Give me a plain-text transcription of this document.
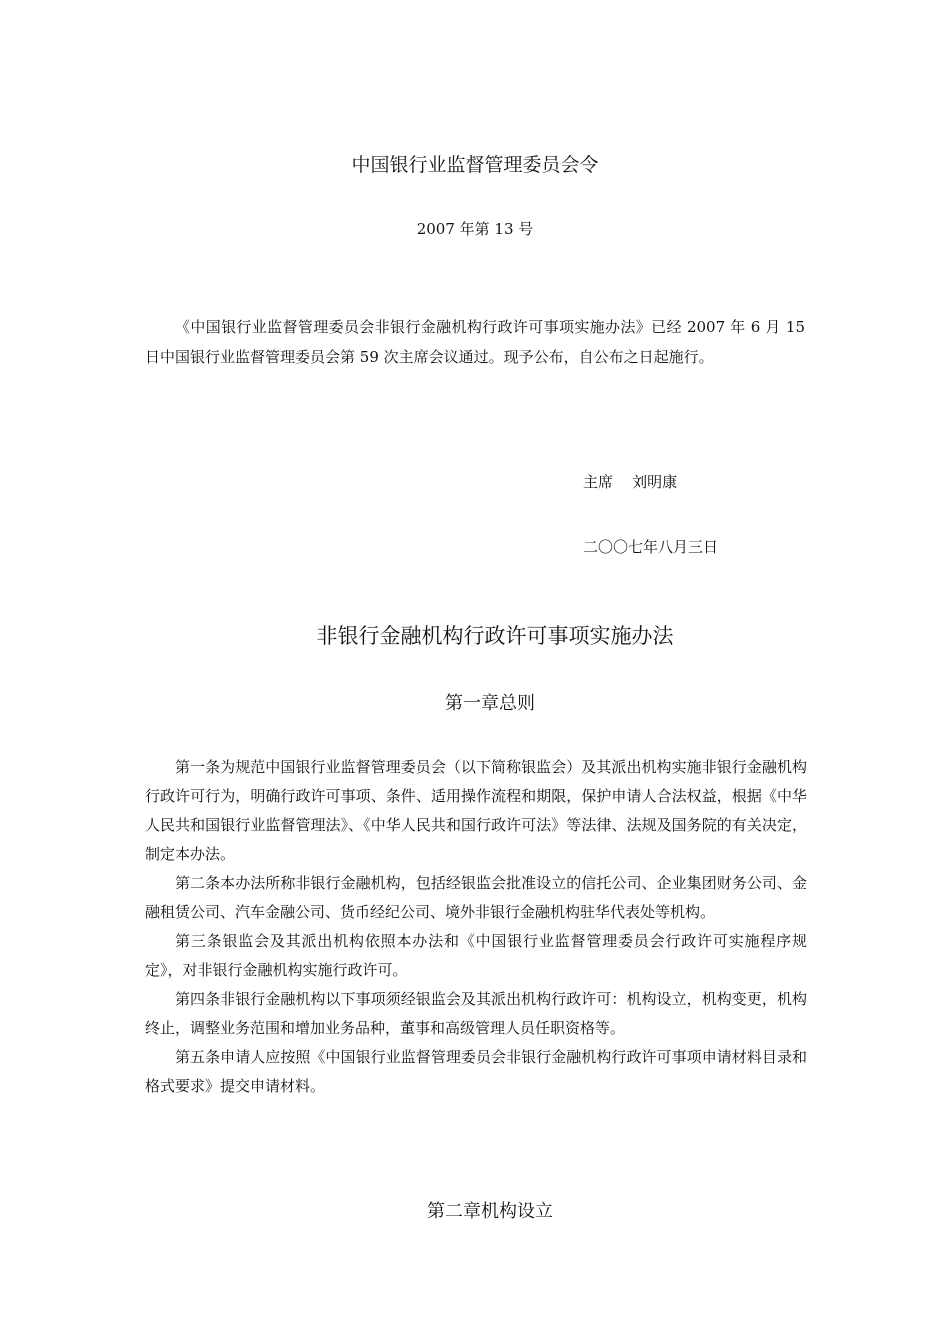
中国银行业监督管理委员会令
2007 年第 13 号

《中国银行业监督管理委员会非银行金融机构行政许可事项实施办法》已经 2007 年 6 月 15 日中国银行业监督管理委员会第 59 次主席会议通过。现予公布，自公布之日起施行。

主席    刘明康
二〇〇七年八月三日
非银行金融机构行政许可事项实施办法
第一章总则

第一条为规范中国银行业监督管理委员会（以下简称银监会）及其派出机构实施非银行金融机构行政许可行为，明确行政许可事项、条件、适用操作流程和期限，保护申请人合法权益，根据《中华人民共和国银行业监督管理法》、《中华人民共和国行政许可法》等法律、法规及国务院的有关决定，制定本办法。

第二条本办法所称非银行金融机构，包括经银监会批准设立的信托公司、企业集团财务公司、金融租赁公司、汽车金融公司、货币经纪公司、境外非银行金融机构驻华代表处等机构。

第三条银监会及其派出机构依照本办法和《中国银行业监督管理委员会行政许可实施程序规定》，对非银行金融机构实施行政许可。

第四条非银行金融机构以下事项须经银监会及其派出机构行政许可：机构设立，机构变更，机构终止，调整业务范围和增加业务品种，董事和高级管理人员任职资格等。

第五条申请人应按照《中国银行业监督管理委员会非银行金融机构行政许可事项申请材料目录和格式要求》提交申请材料。

第二章机构设立
